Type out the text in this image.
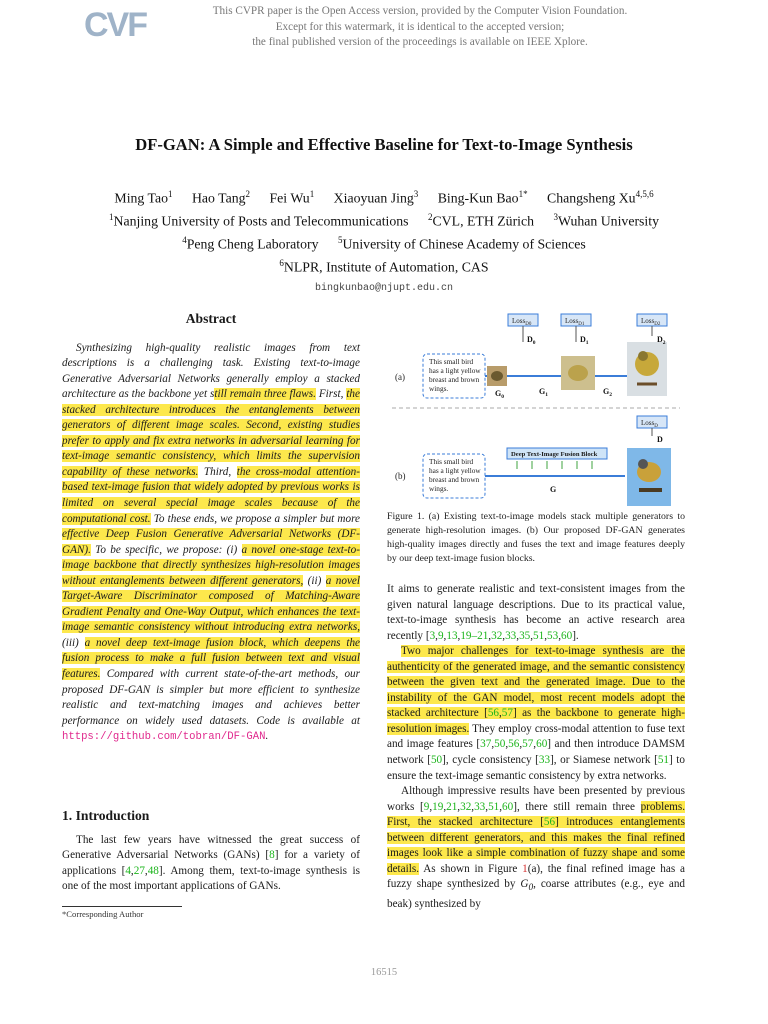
CVF	This CVPR paper is the Open Access version, provided by the Computer Vision Foundation.
Except for this watermark, it is identical to the accepted version;
the final published version of the proceedings is available on IEEE Xplore.
DF-GAN: A Simple and Effective Baseline for Text-to-Image Synthesis
Ming Tao$^1$ Hao Tang$^2$ Fei Wu$^1$ Xiaoyuan Jing$^3$ Bing-Kun Bao$^{1*}$ Changsheng Xu$^{4,5,6}$
$^1$Nanjing University of Posts and Telecommunications $^2$CVL, ETH Zürich $^3$Wuhan University
$^4$Peng Cheng Laboratory $^5$University of Chinese Academy of Sciences
$^6$NLPR, Institute of Automation, CAS
bingkunbao@njupt.edu.cn
Abstract

Synthesizing high-quality realistic images from text descriptions is a challenging task. Existing text-to-image Generative Adversarial Networks generally employ a stacked architecture as the backbone yet still remain three flaws. First, the stacked architecture introduces the entanglements between generators of different image scales. Second, existing studies prefer to apply and fix extra networks in adversarial learning for text-image semantic consistency, which limits the supervision capability of these networks. Third, the cross-modal attention-based text-image fusion that widely adopted by previous works is limited on several special image scales because of the computational cost. To these ends, we propose a simpler but more effective Deep Fusion Generative Adversarial Networks (DF-GAN). To be specific, we propose: (i) a novel one-stage text-to-image backbone that directly synthesizes high-resolution images without entanglements between different generators, (ii) a novel Target-Aware Discriminator composed of Matching-Aware Gradient Penalty and One-Way Output, which enhances the text-image semantic consistency without introducing extra networks, (iii) a novel deep text-image fusion block, which deepens the fusion process to make a full fusion between text and visual features. Compared with current state-of-the-art methods, our proposed DF-GAN is simpler but more efficient to synthesize realistic and text-matching images and achieves better performance on widely used datasets. Code is available at https://github.com/tobran/DF-GAN.

1. Introduction

The last few years have witnessed the great success of Generative Adversarial Networks (GANs) [8] for a variety of applications [4,27,48]. Among them, text-to-image synthesis is one of the most important applications of GANs.

*Corresponding Author
(a)
This small bird has a light yellow breast and brown wings.
Loss$_{D0}$	Loss$_{D1}$	Loss$_{D2}$
$D_0$	$D_1$	$D_2$
$G_0$
$G_1$	$G_2$
(b)
This small bird has a light yellow breast and brown wings.
Deep Text-Image Fusion Block
G
Loss$_D$
D
Figure 1. (a) Existing text-to-image models stack multiple generators to generate high-resolution images. (b) Our proposed DF-GAN generates high-quality images directly and fuses the text and image features deeply by our deep text-image fusion blocks.

It aims to generate realistic and text-consistent images from the given natural language descriptions. Due to its practical value, text-to-image synthesis has become an active research area recently [3,9,13,19–21,32,33,35,51,53,60].

Two major challenges for text-to-image synthesis are the authenticity of the generated image, and the semantic consistency between the given text and the generated image. Due to the instability of the GAN model, most recent models adopt the stacked architecture [56,57] as the backbone to generate high-resolution images. They employ cross-modal attention to fuse text and image features [37,50,56,57,60] and then introduce DAMSM network [50], cycle consistency [33], or Siamese network [51] to ensure the text-image semantic consistency by extra networks.

Although impressive results have been presented by previous works [9,19,21,32,33,51,60], there still remain three problems. First, the stacked architecture [56] introduces entanglements between different generators, and this makes the final refined images look like a simple combination of fuzzy shape and some details. As shown in Figure 1(a), the final refined image has a fuzzy shape synthesized by $G_0$, coarse attributes (e.g., eye and beak) synthesized by

16515
